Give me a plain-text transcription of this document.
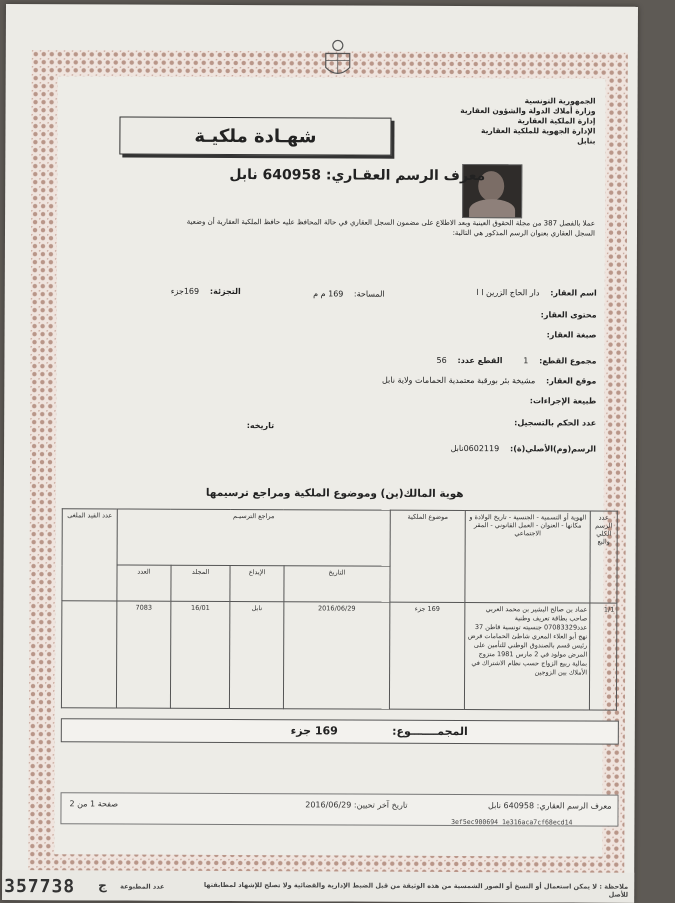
الجمهورية التونسية
وزارة أملاك الدولة والشؤون العقارية
إدارة الملكية العقارية
الإدارة الجهوية للملكية العقارية
بنابل
شهـادة ملكيـة
معرف الرسم العقـاري: 640958 نابل
عملا بالفصل 387 من مجلة الحقوق العينية وبعد الاطلاع على مضمون السجل العقاري في حالة المحافظ عليه حافظ الملكية العقارية أن وضعية السجل العقاري بعنوان الرسم المذكور هي التالية:
اسم العقار: دار الحاج الزرين ا ا
المساحة: 169 م م
التجزئة: 169جزء
محتوى العقار:
صبغة العقار:
مجموع القطع: 1 القطع عدد: 56
موقع العقار: مشيخة بئر بورقبة معتمدية الحمامات ولاية نابل
طبيعة الإجراءات:
عدد الحكم بالتسجيل:
تاريخه:
الرسم(وم)الأصلي(ة): 0602119نابل
هوية المالك(ين) وموضوع الملكية ومراجع ترسيمها
عدد الرسم الكلي والبع	الهوية أو التسمية - الجنسية - تاريخ الولادة و مكانها - العنوان - العمل القانوني - المقر الاجتماعي	موضوع الملكية	مراجع الترسيـم				عدد القيد الملغى
			التاريخ	الإيداع	المجلد	العدد	
1/1	عماد بن صالح البشير بن محمد العربي صاحب بطاقة تعريف وطنية عدد07083329 جنسيته تونسية قاطن 37 نهج أبو العلاء المعري شاطئ الحمامات قرض رئيس قسم بالصندوق الوطني للتأمين على المرض مولود في 2 مارس 1981 متزوج بمالية ربيع الزواج حسب نظام الاشتراك في الأملاك بين الزوجين	169 جزء	2016/06/29	نابل	16/01	7083	
المجمـــــــوع:
169 جزء
معرف الرسم العقاري: 640958 نابل
تاريخ آخر تحيين: 2016/06/29
صفحة 1 من 2
3ef5ec900694 1e316aca7cf68ecd14
357738 ج عدد المطبوعة	ملاحظة : لا يمكن استعمال أو النسخ أو الصور الشمسية من هذه الوثيقة من قبل الضبط الإدارية والقضائية ولا تصلح للإشهاد لمطابقتها للأصل
